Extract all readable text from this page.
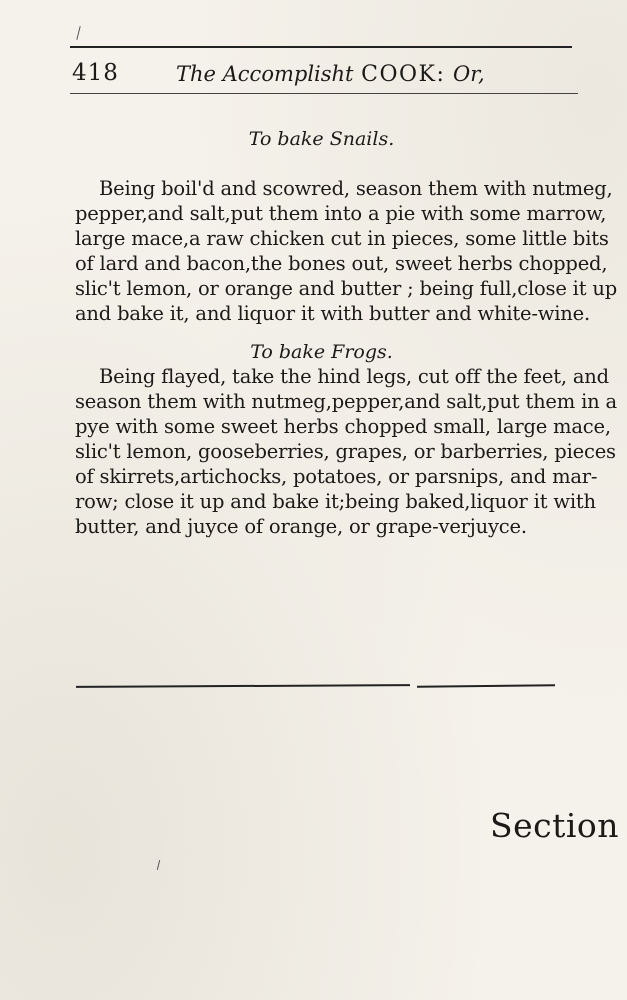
418	The Accomplisht COOK: Or,
To bake Snails.
Being boil'd and scowred, season them with nutmeg,
pepper,and salt,put them into a pie with some marrow,
large mace,a raw chicken cut in pieces, some little bits
of lard and bacon,the bones out, sweet herbs chopped,
slic't lemon, or orange and butter ; being full,close it up
and bake it, and liquor it with butter and white-wine.
To bake Frogs.
Being flayed, take the hind legs, cut off the feet, and
season them with nutmeg,pepper,and salt,put them in a
pye with some sweet herbs chopped small, large mace,
slic't lemon, gooseberries, grapes, or barberries, pieces
of skirrets,artichocks, potatoes, or parsnips, and mar-
row; close it up and bake it;being baked,liquor it with
butter, and juyce of orange, or grape-verjuyce.
Section
